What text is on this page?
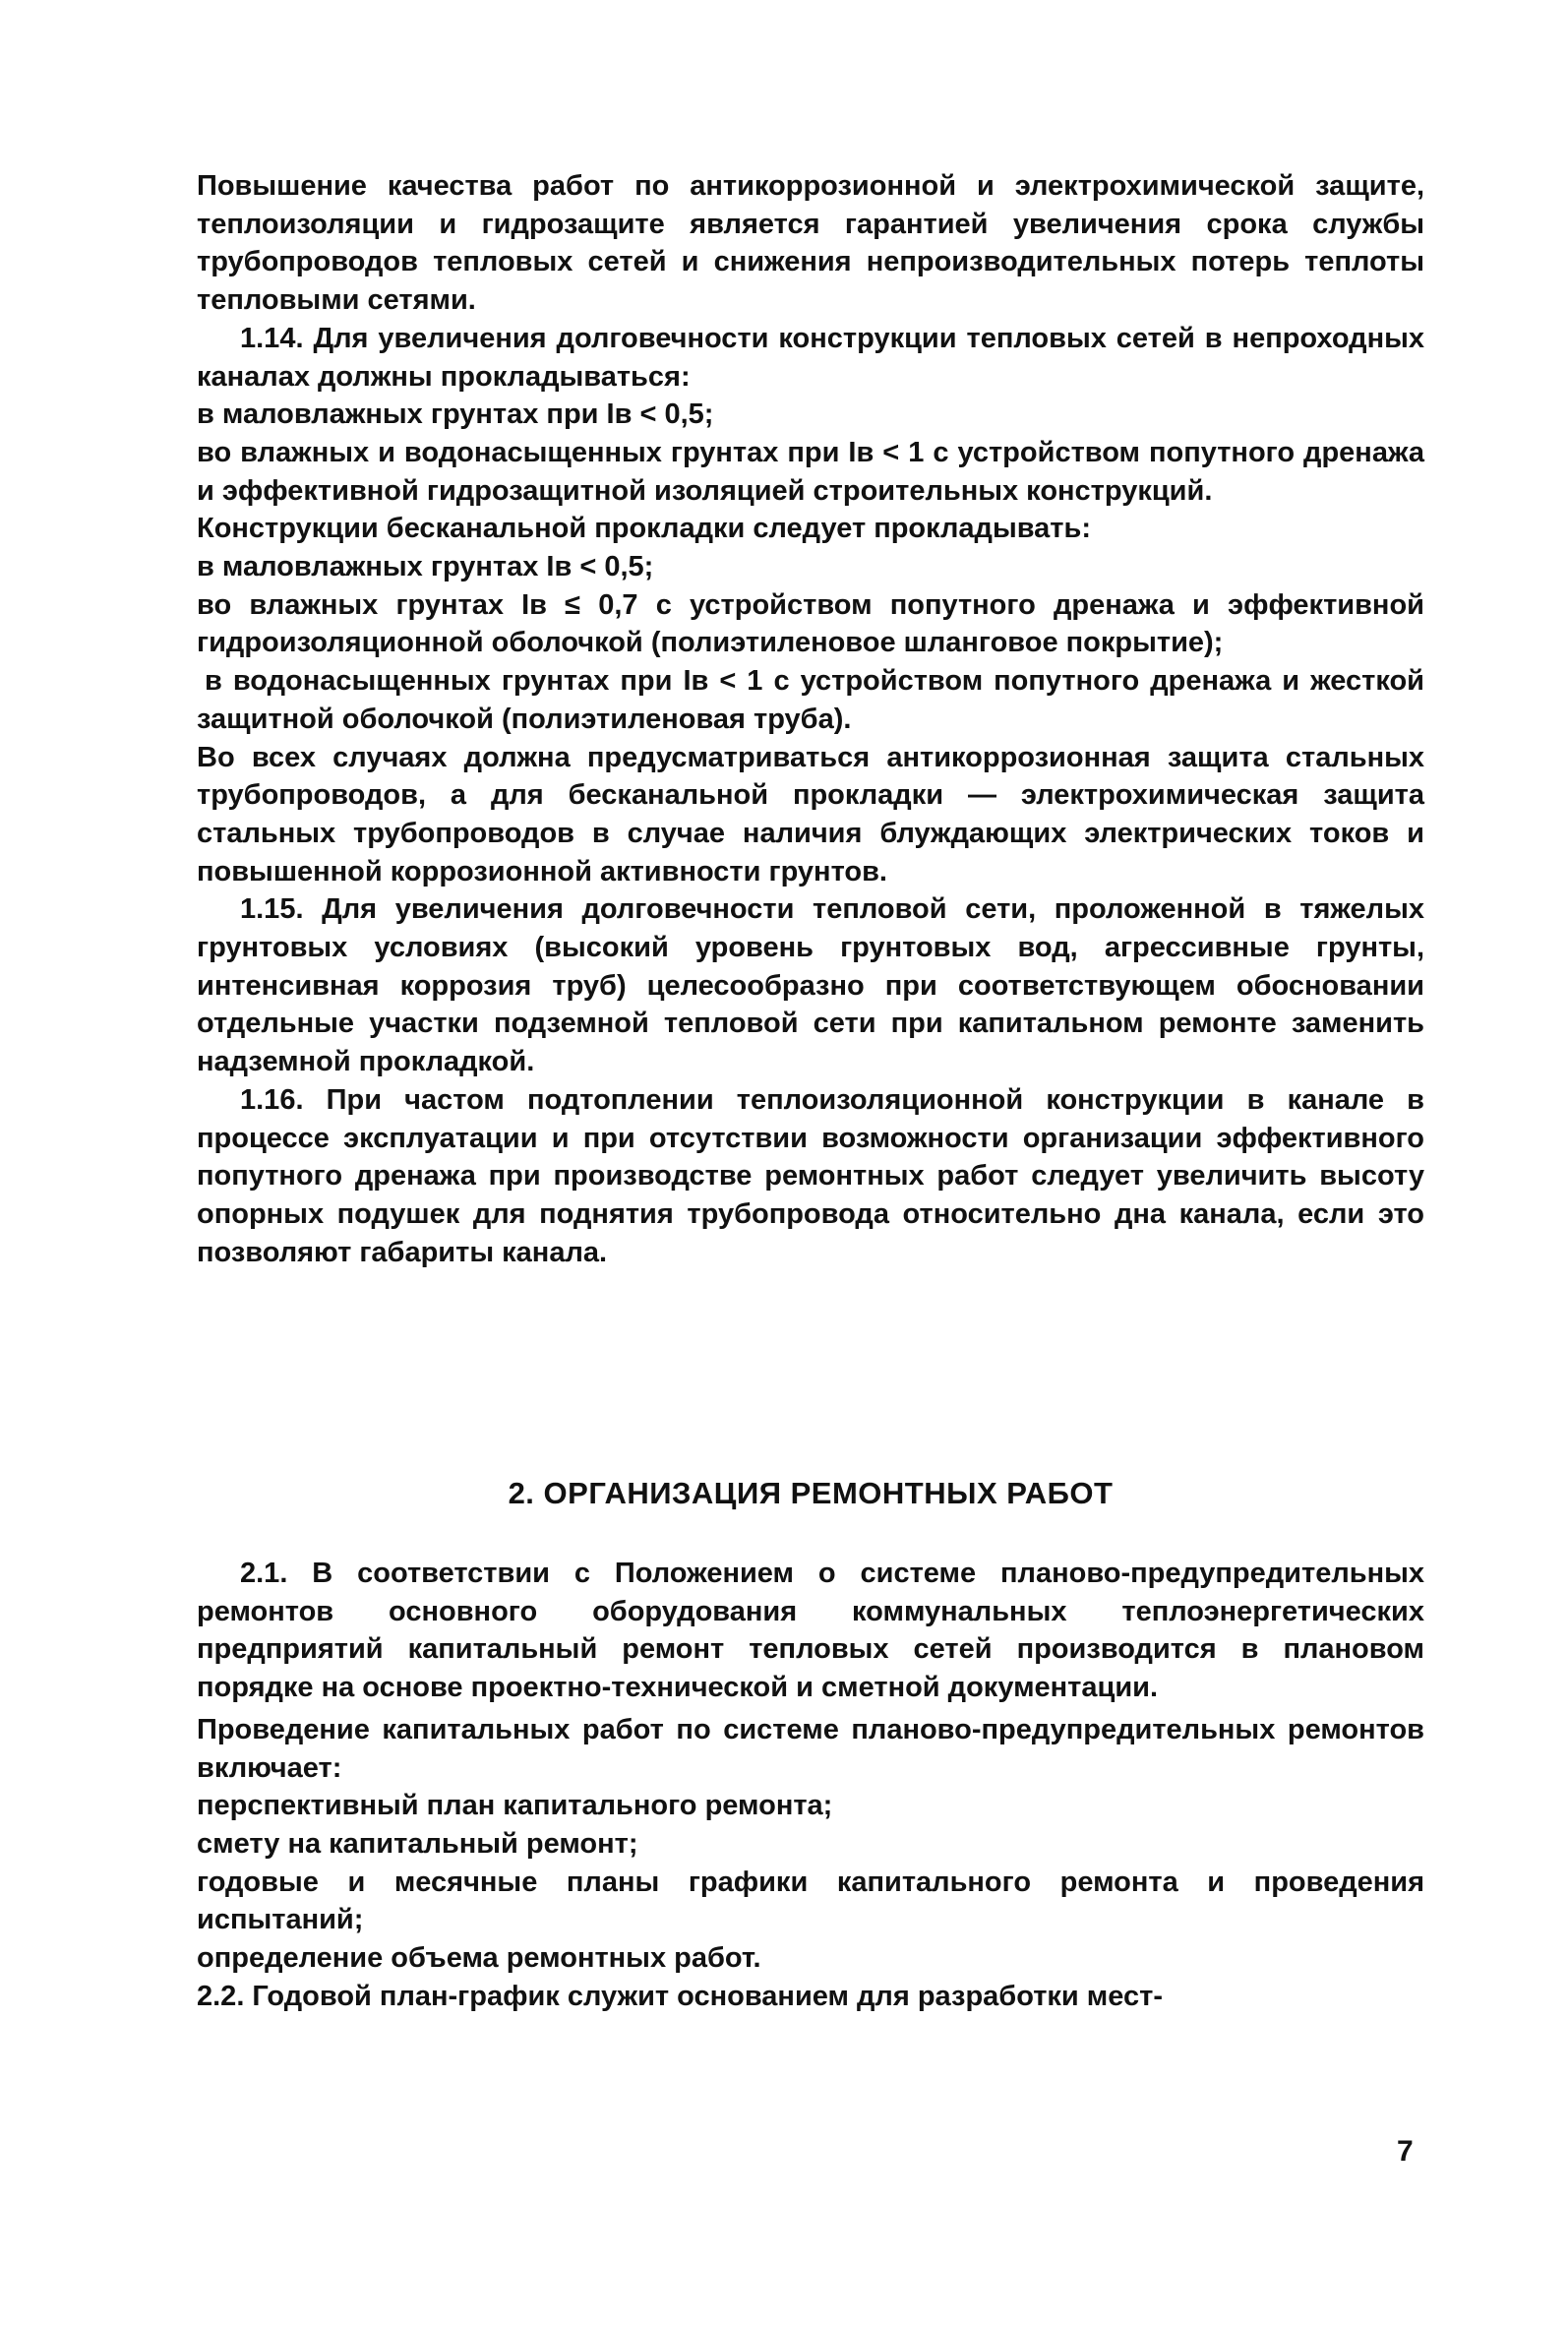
Повышение качества работ по антикоррозионной и электрохимической защите, теплоизоляции и гидрозащите является гарантией увеличения срока службы трубопроводов тепловых сетей и снижения непроизводительных потерь теплоты тепловыми сетями.

1.14. Для увеличения долговечности конструкции тепловых сетей в непроходных каналах должны прокладываться:

в маловлажных грунтах при Iв < 0,5;

во влажных и водонасыщенных грунтах при Iв < 1 с устройством попутного дренажа и эффективной гидрозащитной изоляцией строительных конструкций.

Конструкции бесканальной прокладки следует прокладывать:

в маловлажных грунтах Iв < 0,5;

во влажных грунтах Iв ≤ 0,7 с устройством попутного дренажа и эффективной гидроизоляционной оболочкой (полиэтиленовое шланговое покрытие);

в водонасыщенных грунтах при Iв < 1 с устройством попутного дренажа и жесткой защитной оболочкой (полиэтиленовая труба).

Во всех случаях должна предусматриваться антикоррозионная защита стальных трубопроводов, а для бесканальной прокладки — электрохимическая защита стальных трубопроводов в случае наличия блуждающих электрических токов и повышенной коррозионной активности грунтов.

1.15. Для увеличения долговечности тепловой сети, проложенной в тяжелых грунтовых условиях (высокий уровень грунтовых вод, агрессивные грунты, интенсивная коррозия труб) целесообразно при соответствующем обосновании отдельные участки подземной тепловой сети при капитальном ремонте заменить надземной прокладкой.

1.16. При частом подтоплении теплоизоляционной конструкции в канале в процессе эксплуатации и при отсутствии возможности организации эффективного попутного дренажа при производстве ремонтных работ следует увеличить высоту опорных подушек для поднятия трубопровода относительно дна канала, если это позволяют габариты канала.

2. ОРГАНИЗАЦИЯ РЕМОНТНЫХ РАБОТ

2.1. В соответствии с Положением о системе планово-предупредительных ремонтов основного оборудования коммунальных теплоэнергетических предприятий капитальный ремонт тепловых сетей производится в плановом порядке на основе проектно-технической и сметной документации.

Проведение капитальных работ по системе планово-предупредительных ремонтов включает:

перспективный план капитального ремонта;

смету на капитальный ремонт;

годовые и месячные планы графики капитального ремонта и проведения испытаний;

определение объема ремонтных работ.

2.2. Годовой план-график служит основанием для разработки мест-

7
